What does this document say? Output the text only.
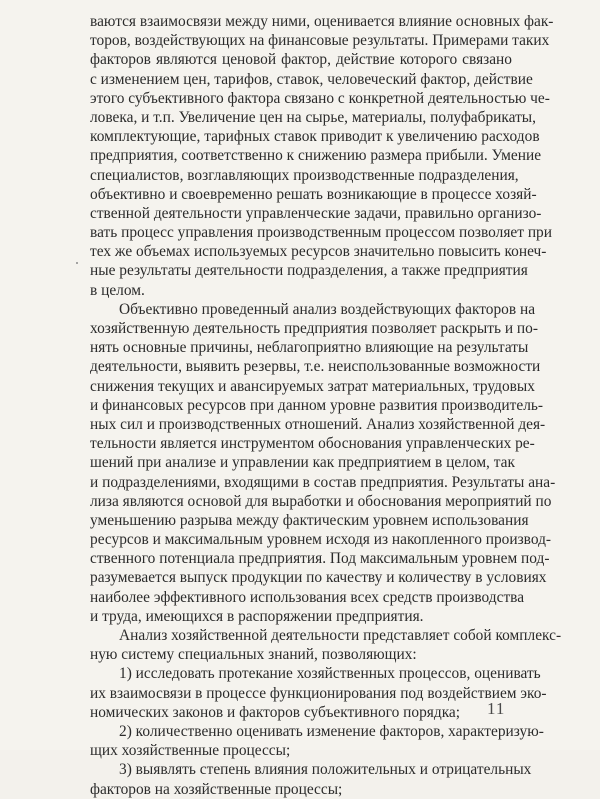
ваются взаимосвязи между ними, оценивается влияние основных фак-
торов, воздействующих на финансовые результаты. Примерами таких
факторов являются ценовой фактор, действие которого связано
с изменением цен, тарифов, ставок, человеческий фактор, действие
этого субъективного фактора связано с конкретной деятельностью че-
ловека, и т.п. Увеличение цен на сырье, материалы, полуфабрикаты,
комплектующие, тарифных ставок приводит к увеличению расходов
предприятия, соответственно к снижению размера прибыли. Умение
специалистов, возглавляющих производственные подразделения,
объективно и своевременно решать возникающие в процессе хозяй-
ственной деятельности управленческие задачи, правильно организо-
вать процесс управления производственным процессом позволяет при
тех же объемах используемых ресурсов значительно повысить конеч-
ные результаты деятельности подразделения, а также предприятия
в целом.
Объективно проведенный анализ воздействующих факторов на
хозяйственную деятельность предприятия позволяет раскрыть и по-
нять основные причины, неблагоприятно влияющие на результаты
деятельности, выявить резервы, т.е. неиспользованные возможности
снижения текущих и авансируемых затрат материальных, трудовых
и финансовых ресурсов при данном уровне развития производитель-
ных сил и производственных отношений. Анализ хозяйственной дея-
тельности является инструментом обоснования управленческих ре-
шений при анализе и управлении как предприятием в целом, так
и подразделениями, входящими в состав предприятия. Результаты ана-
лиза являются основой для выработки и обоснования мероприятий по
уменьшению разрыва между фактическим уровнем использования
ресурсов и максимальным уровнем исходя из накопленного производ-
ственного потенциала предприятия. Под максимальным уровнем под-
разумевается выпуск продукции по качеству и количеству в условиях
наиболее эффективного использования всех средств производства
и труда, имеющихся в распоряжении предприятия.
Анализ хозяйственной деятельности представляет собой комплекс-
ную систему специальных знаний, позволяющих:
1) исследовать протекание хозяйственных процессов, оценивать
их взаимосвязи в процессе функционирования под воздействием эко-
номических законов и факторов субъективного порядка;
2) количественно оценивать изменение факторов, характеризую-
щих хозяйственные процессы;
3) выявлять степень влияния положительных и отрицательных
факторов на хозяйственные процессы;
11
